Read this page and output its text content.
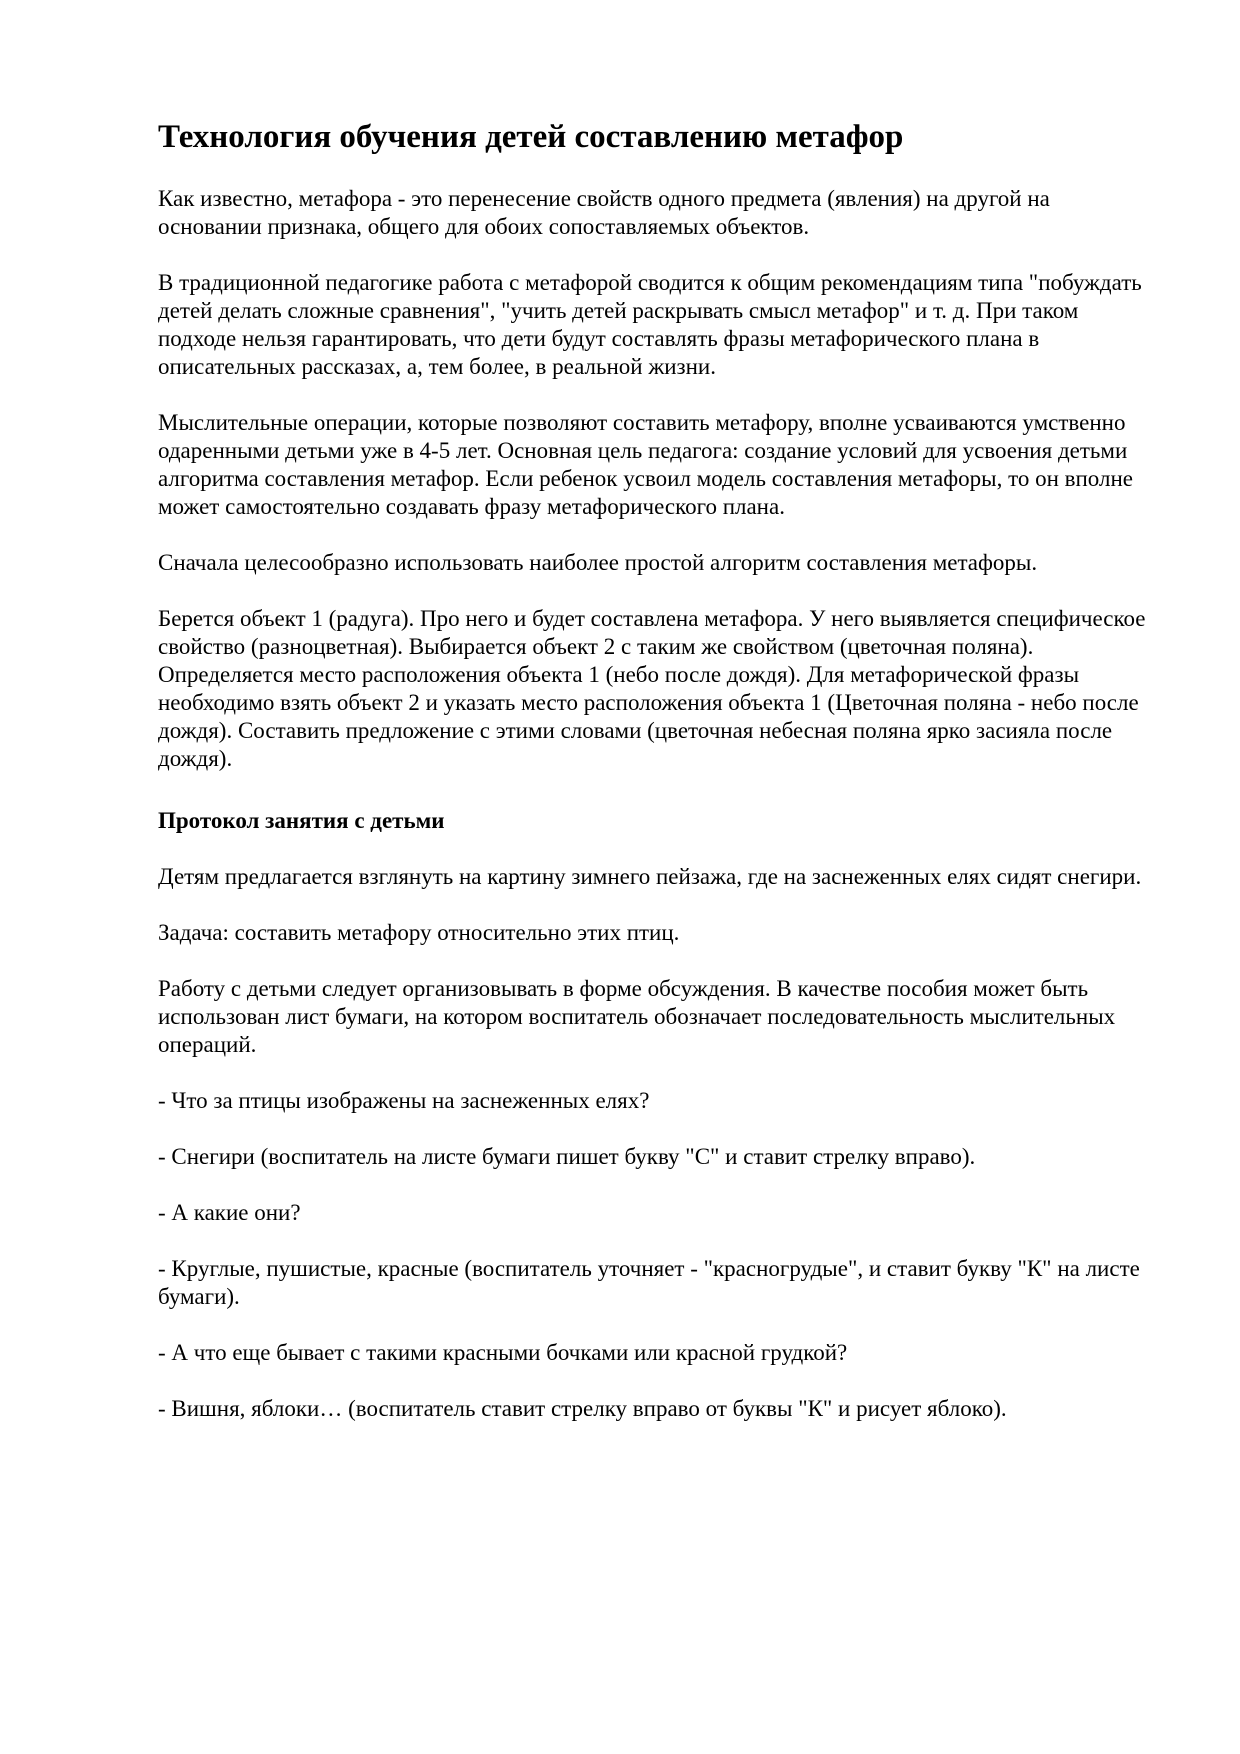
Технология обучения детей составлению метафор

Как известно, метафора - это перенесение свойств одного предмета (явления) на другой на основании признака, общего для обоих сопоставляемых объектов.

В традиционной педагогике работа с метафорой сводится к общим рекомендациям типа "побуждать детей делать сложные сравнения", "учить детей раскрывать смысл метафор" и т. д. При таком подходе нельзя гарантировать, что дети будут составлять фразы метафорического плана в описательных рассказах, а, тем более, в реальной жизни.

Мыслительные операции, которые позволяют составить метафору, вполне усваиваются умственно одаренными детьми уже в 4-5 лет. Основная цель педагога: создание условий для усвоения детьми алгоритма составления метафор. Если ребенок усвоил модель составления метафоры, то он вполне может самостоятельно создавать фразу метафорического плана.

Сначала целесообразно использовать наиболее простой алгоритм составления метафоры.

Берется объект 1 (радуга). Про него и будет составлена метафора. У него выявляется специфическое свойство (разноцветная). Выбирается объект 2 с таким же свойством (цветочная поляна). Определяется место расположения объекта 1 (небо после дождя). Для метафорической фразы необходимо взять объект 2 и указать место расположения объекта 1 (Цветочная поляна - небо после дождя). Составить предложение с этими словами (цветочная небесная поляна ярко засияла после дождя).

Протокол занятия с детьми

Детям предлагается взглянуть на картину зимнего пейзажа, где на заснеженных елях сидят снегири.

Задача: составить метафору относительно этих птиц.

Работу с детьми следует организовывать в форме обсуждения. В качестве пособия может быть использован лист бумаги, на котором воспитатель обозначает последовательность мыслительных операций.

- Что за птицы изображены на заснеженных елях?

- Снегири (воспитатель на листе бумаги пишет букву "С" и ставит стрелку вправо).

- А какие они?

- Круглые, пушистые, красные (воспитатель уточняет - "красногрудые", и ставит букву "К" на листе бумаги).

- А что еще бывает с такими красными бочками или красной грудкой?

- Вишня, яблоки… (воспитатель ставит стрелку вправо от буквы "К" и рисует яблоко).
